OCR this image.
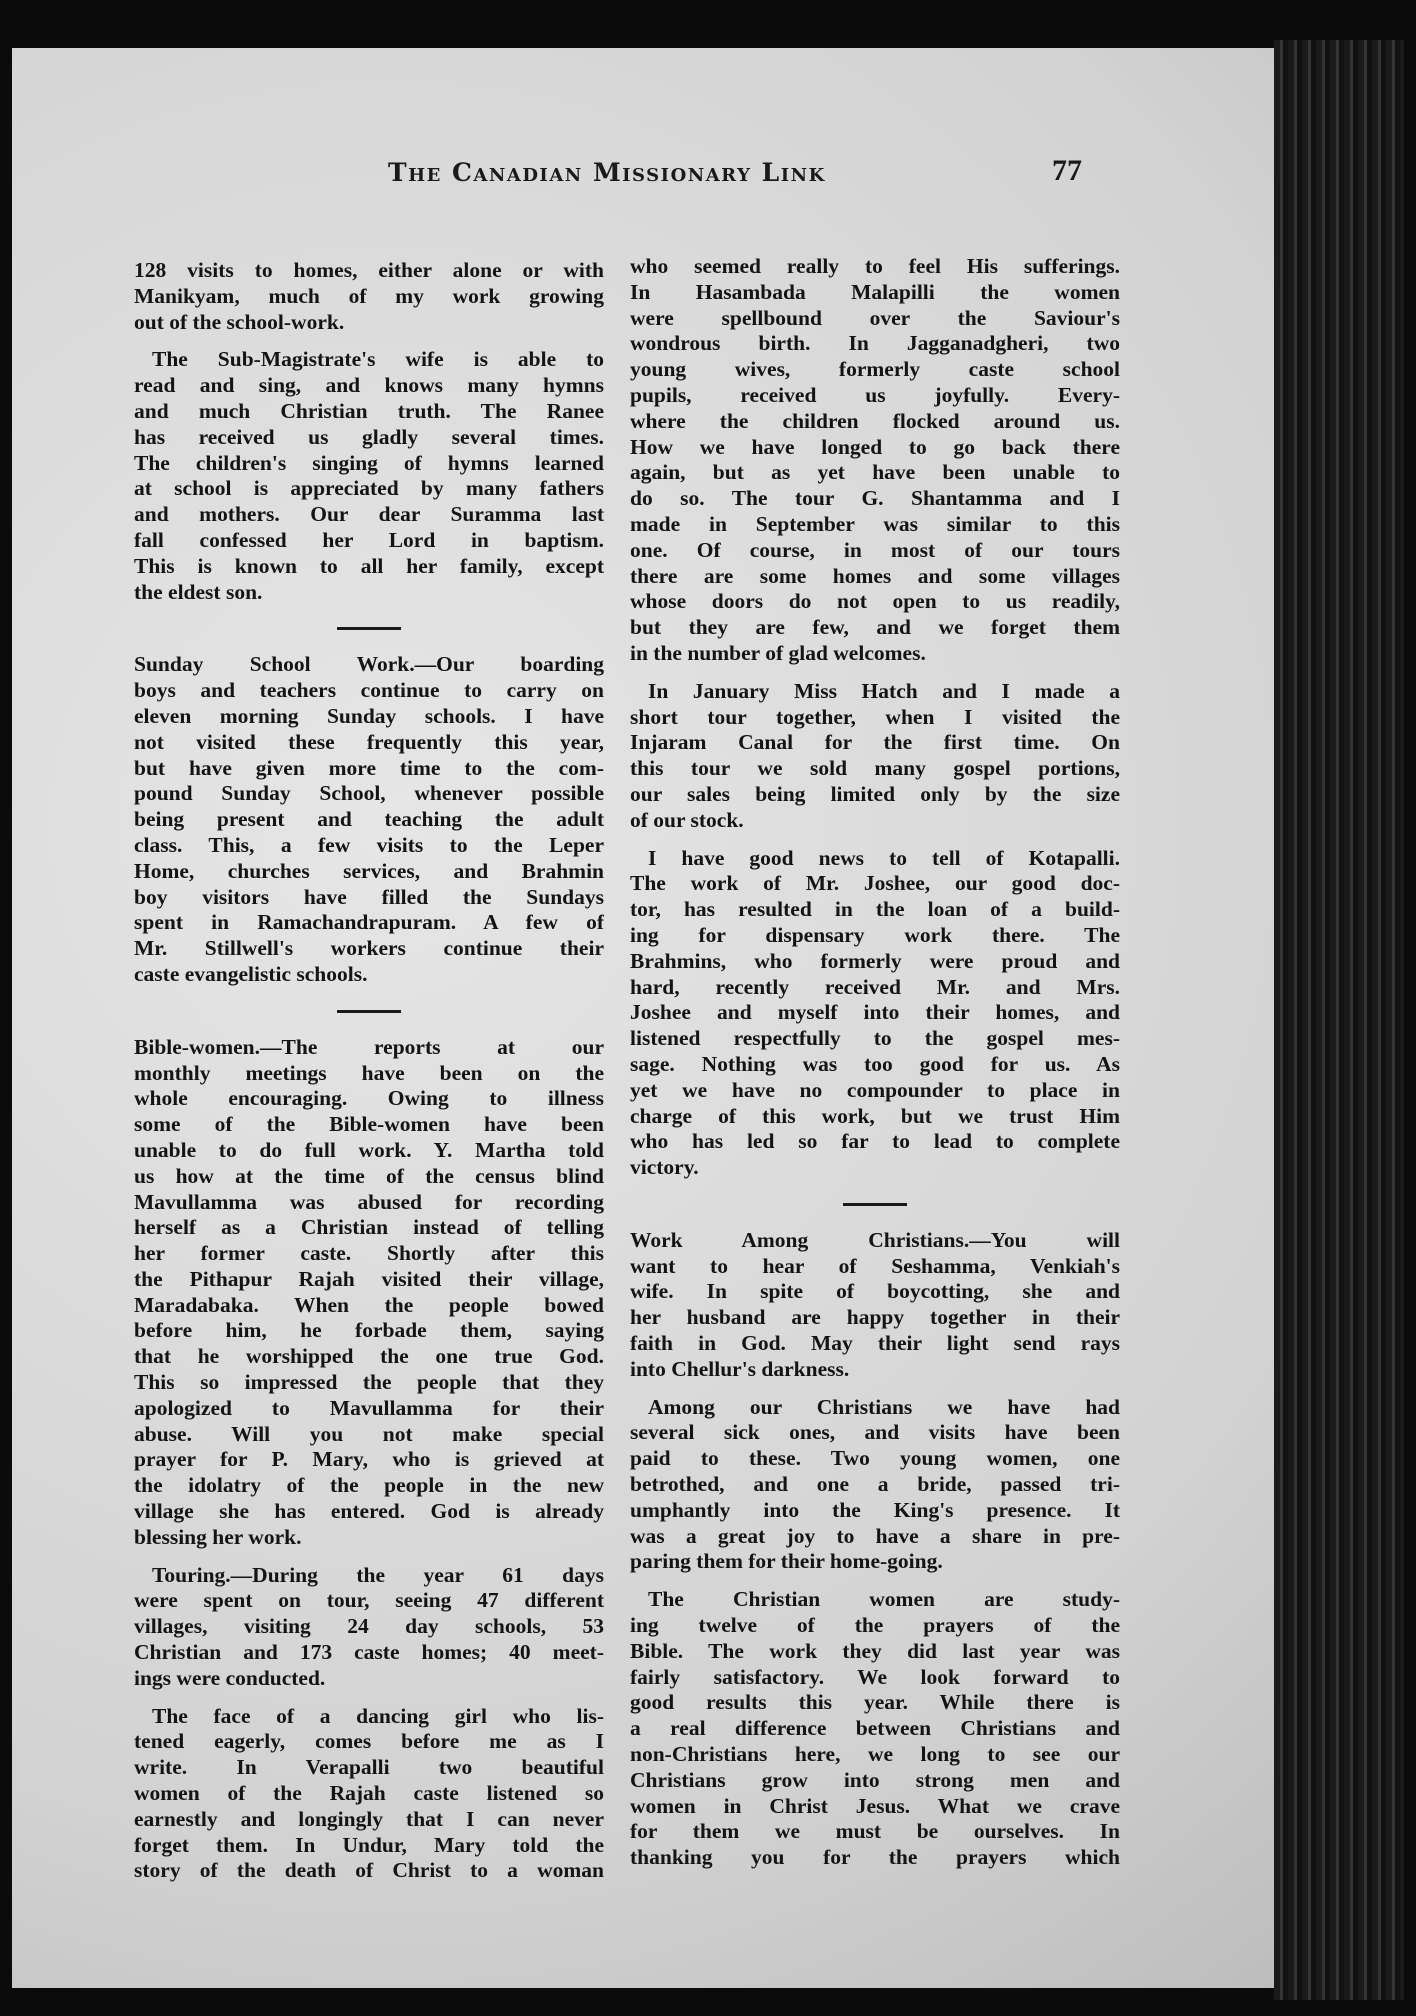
The Canadian Missionary Link	77
128 visits to homes, either alone or with
Manikyam, much of my work growing
out of the school-work.
The Sub-Magistrate's wife is able to
read and sing, and knows many hymns
and much Christian truth. The Ranee
has received us gladly several times.
The children's singing of hymns learned
at school is appreciated by many fathers
and mothers. Our dear Suramma last
fall confessed her Lord in baptism.
This is known to all her family, except
the eldest son.
Sunday School Work.—Our boarding
boys and teachers continue to carry on
eleven morning Sunday schools. I have
not visited these frequently this year,
but have given more time to the com-
pound Sunday School, whenever possible
being present and teaching the adult
class. This, a few visits to the Leper
Home, churches services, and Brahmin
boy visitors have filled the Sundays
spent in Ramachandrapuram. A few of
Mr. Stillwell's workers continue their
caste evangelistic schools.
Bible-women.—The reports at our
monthly meetings have been on the
whole encouraging. Owing to illness
some of the Bible-women have been
unable to do full work. Y. Martha told
us how at the time of the census blind
Mavullamma was abused for recording
herself as a Christian instead of telling
her former caste. Shortly after this
the Pithapur Rajah visited their village,
Maradabaka. When the people bowed
before him, he forbade them, saying
that he worshipped the one true God.
This so impressed the people that they
apologized to Mavullamma for their
abuse. Will you not make special
prayer for P. Mary, who is grieved at
the idolatry of the people in the new
village she has entered. God is already
blessing her work.
Touring.—During the year 61 days
were spent on tour, seeing 47 different
villages, visiting 24 day schools, 53
Christian and 173 caste homes; 40 meet-
ings were conducted.
The face of a dancing girl who lis-
tened eagerly, comes before me as I
write. In Verapalli two beautiful
women of the Rajah caste listened so
earnestly and longingly that I can never
forget them. In Undur, Mary told the
story of the death of Christ to a woman
who seemed really to feel His sufferings.
In Hasambada Malapilli the women
were spellbound over the Saviour's
wondrous birth. In Jagganadgheri, two
young wives, formerly caste school
pupils, received us joyfully. Every-
where the children flocked around us.
How we have longed to go back there
again, but as yet have been unable to
do so. The tour G. Shantamma and I
made in September was similar to this
one. Of course, in most of our tours
there are some homes and some villages
whose doors do not open to us readily,
but they are few, and we forget them
in the number of glad welcomes.
In January Miss Hatch and I made a
short tour together, when I visited the
Injaram Canal for the first time. On
this tour we sold many gospel portions,
our sales being limited only by the size
of our stock.
I have good news to tell of Kotapalli.
The work of Mr. Joshee, our good doc-
tor, has resulted in the loan of a build-
ing for dispensary work there. The
Brahmins, who formerly were proud and
hard, recently received Mr. and Mrs.
Joshee and myself into their homes, and
listened respectfully to the gospel mes-
sage. Nothing was too good for us. As
yet we have no compounder to place in
charge of this work, but we trust Him
who has led so far to lead to complete
victory.
Work Among Christians.—You will
want to hear of Seshamma, Venkiah's
wife. In spite of boycotting, she and
her husband are happy together in their
faith in God. May their light send rays
into Chellur's darkness.
Among our Christians we have had
several sick ones, and visits have been
paid to these. Two young women, one
betrothed, and one a bride, passed tri-
umphantly into the King's presence. It
was a great joy to have a share in pre-
paring them for their home-going.
The Christian women are study-
ing twelve of the prayers of the
Bible. The work they did last year was
fairly satisfactory. We look forward to
good results this year. While there is
a real difference between Christians and
non-Christians here, we long to see our
Christians grow into strong men and
women in Christ Jesus. What we crave
for them we must be ourselves. In
thanking you for the prayers which
